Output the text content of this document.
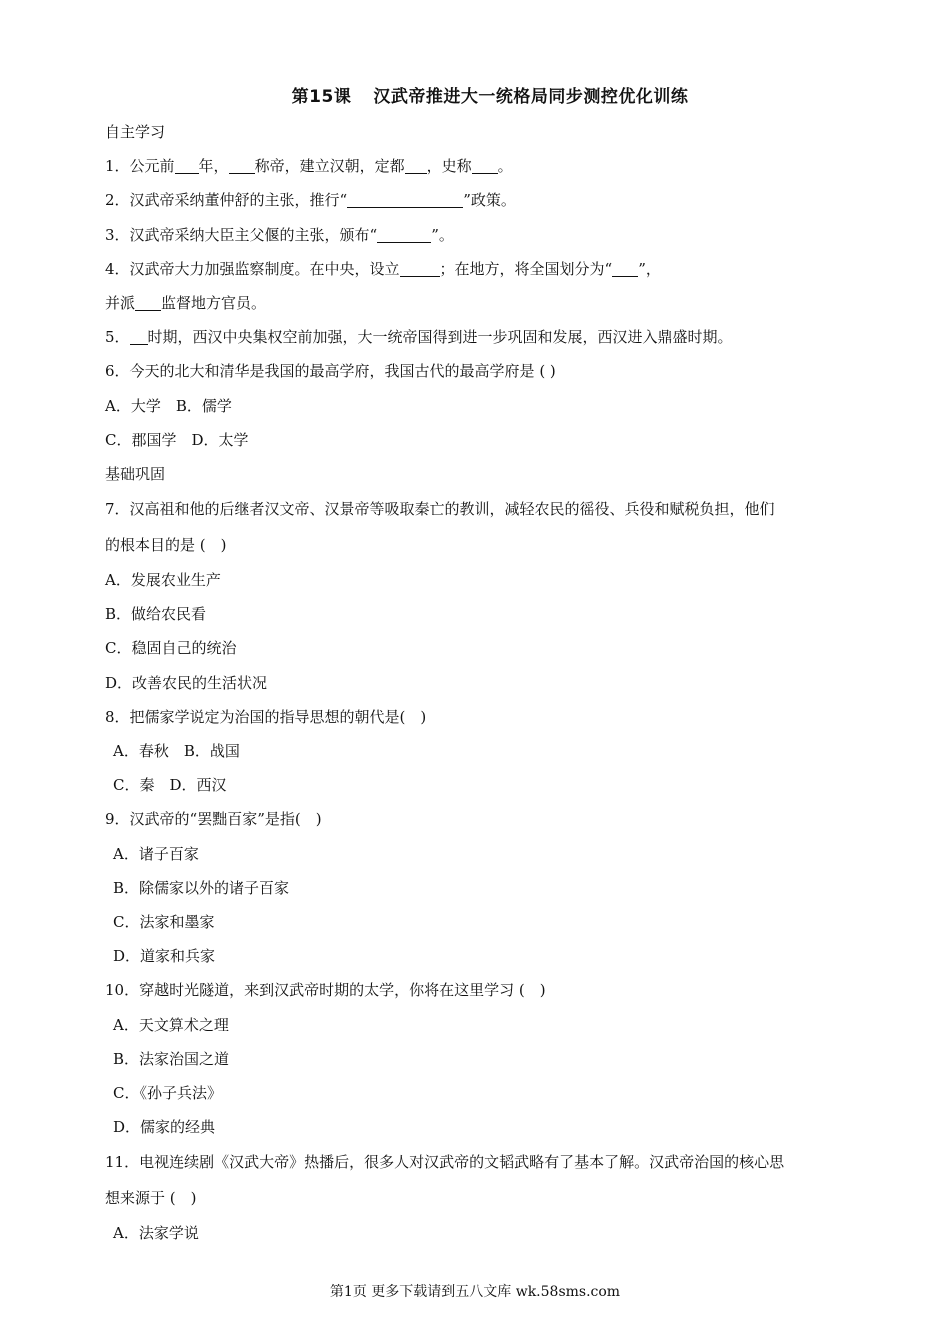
第15课 汉武帝推进大一统格局同步测控优化训练
自主学习
1．公元前 年， 称帝，建立汉朝，定都 ，史称 。
2．汉武帝采纳董仲舒的主张，推行“	”政策。
3．汉武帝采纳大臣主父偃的主张，颁布“	”。
4．汉武帝大力加强监察制度。在中央，设立	；在地方，将全国划分为“ ”，
并派 监督地方官员。
5． 时期，西汉中央集权空前加强，大一统帝国得到进一步巩固和发展，西汉进入鼎盛时期。
6．今天的北大和清华是我国的最高学府，我国古代的最高学府是 ( )
A．大学　B．儒学
C．郡国学　D．太学
基础巩固
7．汉高祖和他的后继者汉文帝、汉景帝等吸取秦亡的教训，减轻农民的徭役、兵役和赋税负担，他们
的根本目的是 (　)
A．发展农业生产
B．做给农民看
C．稳固自己的统治
D．改善农民的生活状况
8．把儒家学说定为治国的指导思想的朝代是(　)
A．春秋　B．战国
C．秦　D．西汉
9．汉武帝的“罢黜百家”是指(　)
A．诸子百家
B．除儒家以外的诸子百家
C．法家和墨家
D．道家和兵家
10．穿越时光隧道，来到汉武帝时期的太学，你将在这里学习 (　)
A．天文算术之理
B．法家治国之道
C．《孙子兵法》
D．儒家的经典
11．电视连续剧《汉武大帝》热播后，很多人对汉武帝的文韬武略有了基本了解。汉武帝治国的核心思
想来源于 (　)
A．法家学说
第1页 更多下载请到五八文库 wk.58sms.com
